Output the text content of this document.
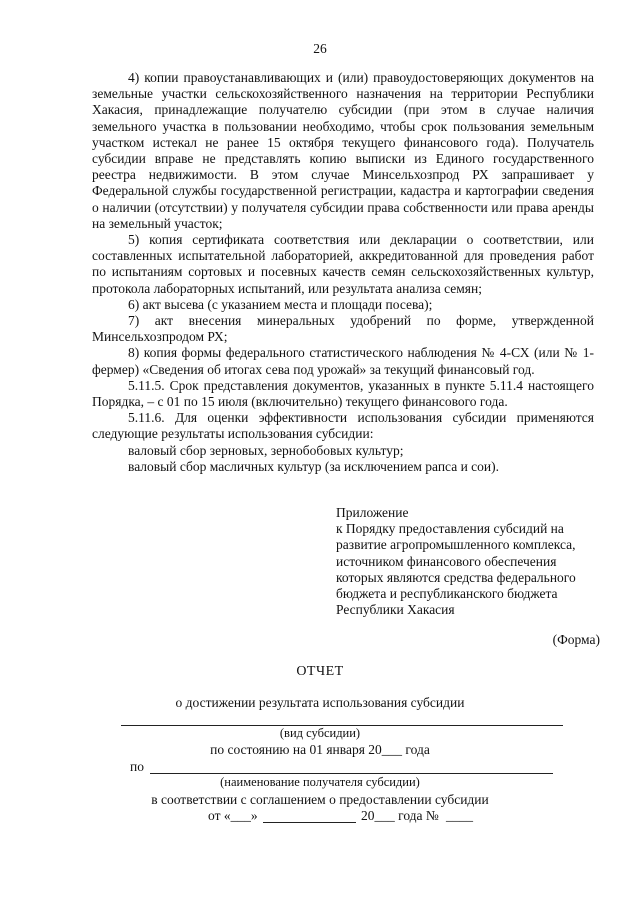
26

4) копии правоустанавливающих и (или) правоудостоверяющих документов на земельные участки сельскохозяйственного назначения на территории Республики Хакасия, принадлежащие получателю субсидии (при этом в случае наличия земельного участка в пользовании необходимо, чтобы срок пользования земельным участком истекал не ранее 15 октября текущего финансового года). Получатель субсидии вправе не представлять копию выписки из Единого государственного реестра недвижимости. В этом случае Минсельхозпрод РХ запрашивает у Федеральной службы государственной регистрации, кадастра и картографии сведения о наличии (отсутствии) у получателя субсидии права собственности или права аренды на земельный участок;

5) копия сертификата соответствия или декларации о соответствии, или составленных испытательной лабораторией, аккредитованной для проведения работ по испытаниям сортовых и посевных качеств семян сельскохозяйственных культур, протокола лабораторных испытаний, или результата анализа семян;

6) акт высева (с указанием места и площади посева);

7) акт внесения минеральных удобрений по форме, утвержденной Минсельхозпродом РХ;

8) копия формы федерального статистического наблюдения № 4-СХ (или № 1-фермер) «Сведения об итогах сева под урожай» за текущий финансовый год.

5.11.5. Срок представления документов, указанных в пункте 5.11.4 настоящего Порядка, – с 01 по 15 июля (включительно) текущего финансового года.

5.11.6. Для оценки эффективности использования субсидии применяются следующие результаты использования субсидии:

валовый сбор зерновых, зернобобовых культур;

валовый сбор масличных культур (за исключением рапса и сои).

Приложение
к Порядку предоставления субсидий на
развитие агропромышленного комплекса,
источником финансового обеспечения
которых являются средства федерального
бюджета и республиканского бюджета
Республики Хакасия
(Форма)
ОТЧЕТ
о достижении результата использования субсидии
(вид субсидии)
по состоянию на 01 января 20___ года
по
(наименование получателя субсидии)
в соответствии с соглашением о предоставлении субсидии
от «___»	20___ года № ____
